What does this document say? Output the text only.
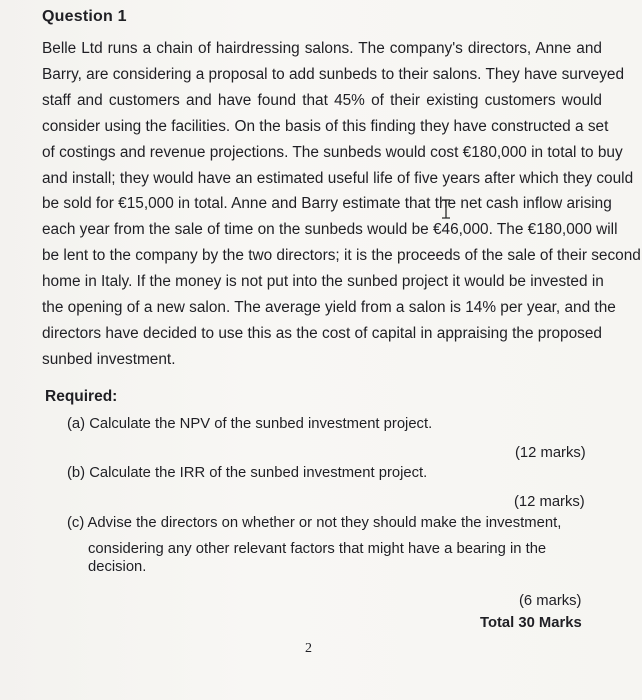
Question 1

Belle Ltd runs a chain of hairdressing salons. The company's directors, Anne and
Barry, are considering a proposal to add sunbeds to their salons. They have surveyed
staff and customers and have found that 45% of their existing customers would
consider using the facilities. On the basis of this finding they have constructed a set
of costings and revenue projections. The sunbeds would cost €180,000 in total to buy
and install; they would have an estimated useful life of five years after which they could
be sold for €15,000 in total. Anne and Barry estimate that the net cash inflow arising
each year from the sale of time on the sunbeds would be €46,000. The €180,000 will
be lent to the company by the two directors; it is the proceeds of the sale of their second
home in Italy. If the money is not put into the sunbed project it would be invested in
the opening of a new salon. The average yield from a salon is 14% per year, and the
directors have decided to use this as the cost of capital in appraising the proposed
sunbed investment.

Required:
(a) Calculate the NPV of the sunbed investment project.
(12 marks)
(b) Calculate the IRR of the sunbed investment project.
(12 marks)
(c) Advise the directors on whether or not they should make the investment,
considering any other relevant factors that might have a bearing in the
decision.
(6 marks)
Total 30 Marks
2
